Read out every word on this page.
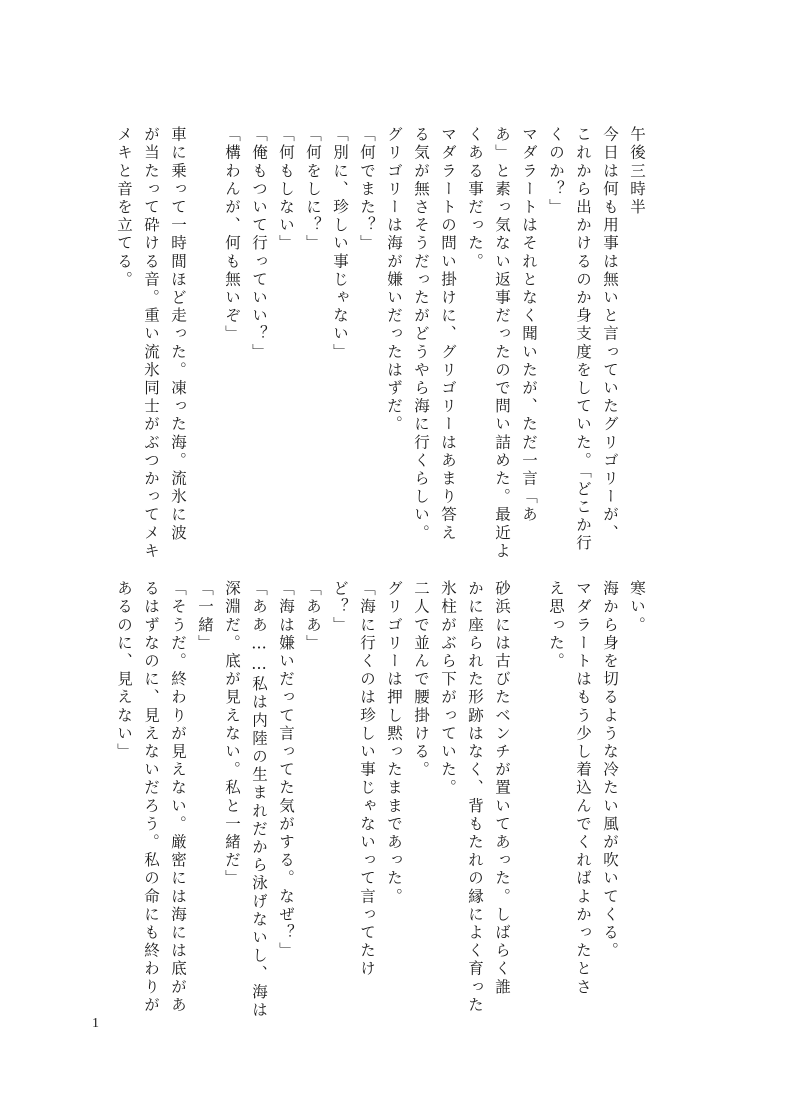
午後三時半

今日は何も用事は無いと言っていたグリゴリーが、

これから出かけるのか身支度をしていた。「どこか行

くのか？」

マダラートはそれとなく聞いたが、ただ一言「あ

あ」と素っ気ない返事だったので問い詰めた。最近よ

くある事だった。

マダラートの問い掛けに、グリゴリーはあまり答え

る気が無さそうだったがどうやら海に行くらしい。

グリゴリーは海が嫌いだったはずだ。

「何でまた？」

「別に、珍しい事じゃない」

「何をしに？」

「何もしない」

「俺もついて行っていい？」

「構わんが、何も無いぞ」

車に乗って一時間ほど走った。凍った海。流氷に波

が当たって砕ける音。重い流氷同士がぶつかってメキ

メキと音を立てる。

寒い。

海から身を切るような冷たい風が吹いてくる。

マダラートはもう少し着込んでくればよかったとさ

え思った。

砂浜には古びたベンチが置いてあった。しばらく誰

かに座られた形跡はなく、背もたれの縁によく育った

氷柱がぶら下がっていた。

二人で並んで腰掛ける。

グリゴリーは押し黙ったままであった。

「海に行くのは珍しい事じゃないって言ってたけ

ど？」

「ああ」

「海は嫌いだって言ってた気がする。なぜ？」

「ああ……私は内陸の生まれだから泳げないし、海は

深淵だ。底が見えない。私と一緒だ」

「一緒」

「そうだ。終わりが見えない。厳密には海には底があ

るはずなのに、見えないだろう。私の命にも終わりが

あるのに、見えない」

1
